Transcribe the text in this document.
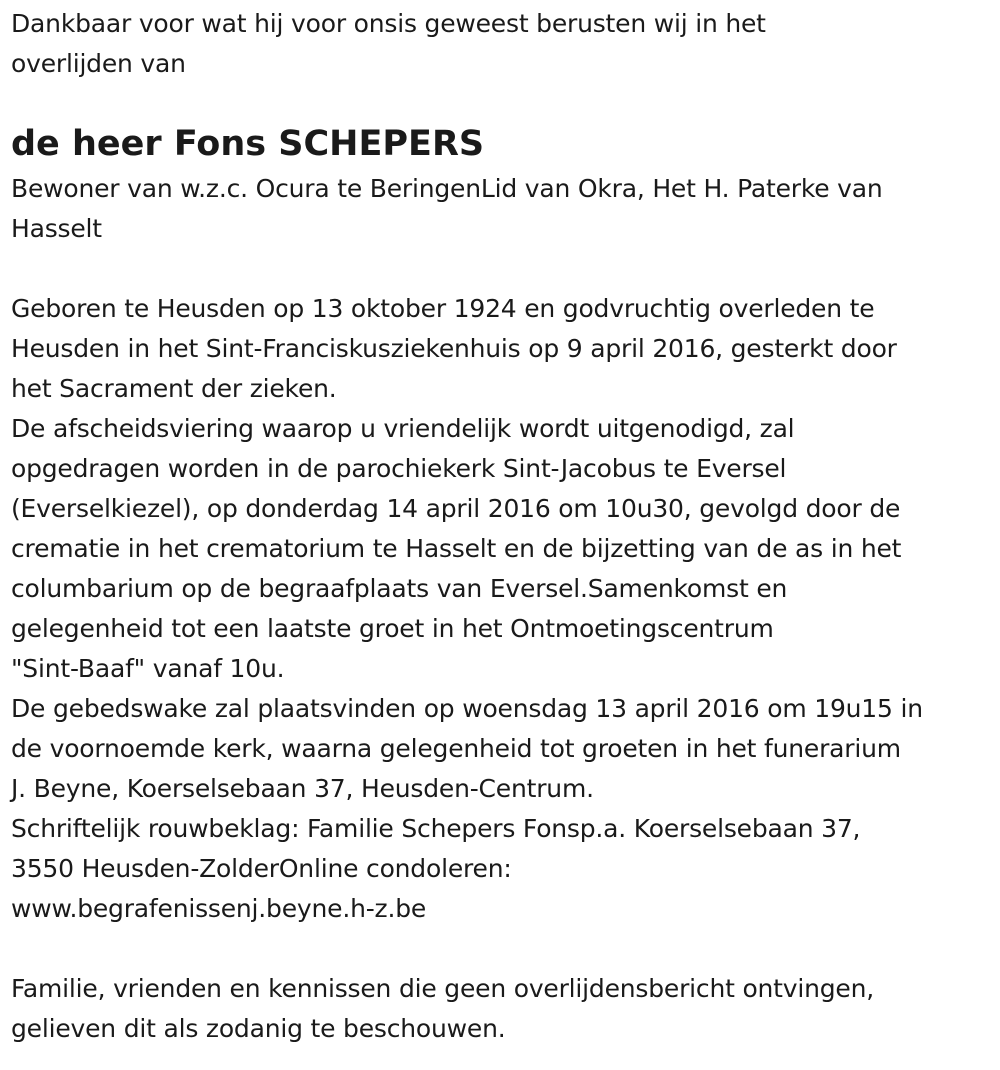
Dankbaar voor wat hij voor onsis geweest berusten wij in het
overlijden van
de heer Fons SCHEPERS
Bewoner van w.z.c. Ocura te BeringenLid van Okra, Het H. Paterke van
Hasselt
Geboren te Heusden op 13 oktober 1924 en godvruchtig overleden te
Heusden in het Sint-Franciskusziekenhuis op 9 april 2016, gesterkt door
het Sacrament der zieken.
De afscheidsviering waarop u vriendelijk wordt uitgenodigd, zal
opgedragen worden in de parochiekerk Sint-Jacobus te Eversel
(Everselkiezel), op donderdag 14 april 2016 om 10u30, gevolgd door de
crematie in het crematorium te Hasselt en de bijzetting van de as in het
columbarium op de begraafplaats van Eversel.Samenkomst en
gelegenheid tot een laatste groet in het Ontmoetingscentrum
"Sint-Baaf" vanaf 10u.
De gebedswake zal plaatsvinden op woensdag 13 april 2016 om 19u15 in
de voornoemde kerk, waarna gelegenheid tot groeten in het funerarium
J. Beyne, Koerselsebaan 37, Heusden-Centrum.
Schriftelijk rouwbeklag: Familie Schepers Fonsp.a. Koerselsebaan 37,
3550 Heusden-ZolderOnline condoleren:
www.begrafenissenj.beyne.h-z.be
Familie, vrienden en kennissen die geen overlijdensbericht ontvingen,
gelieven dit als zodanig te beschouwen.
